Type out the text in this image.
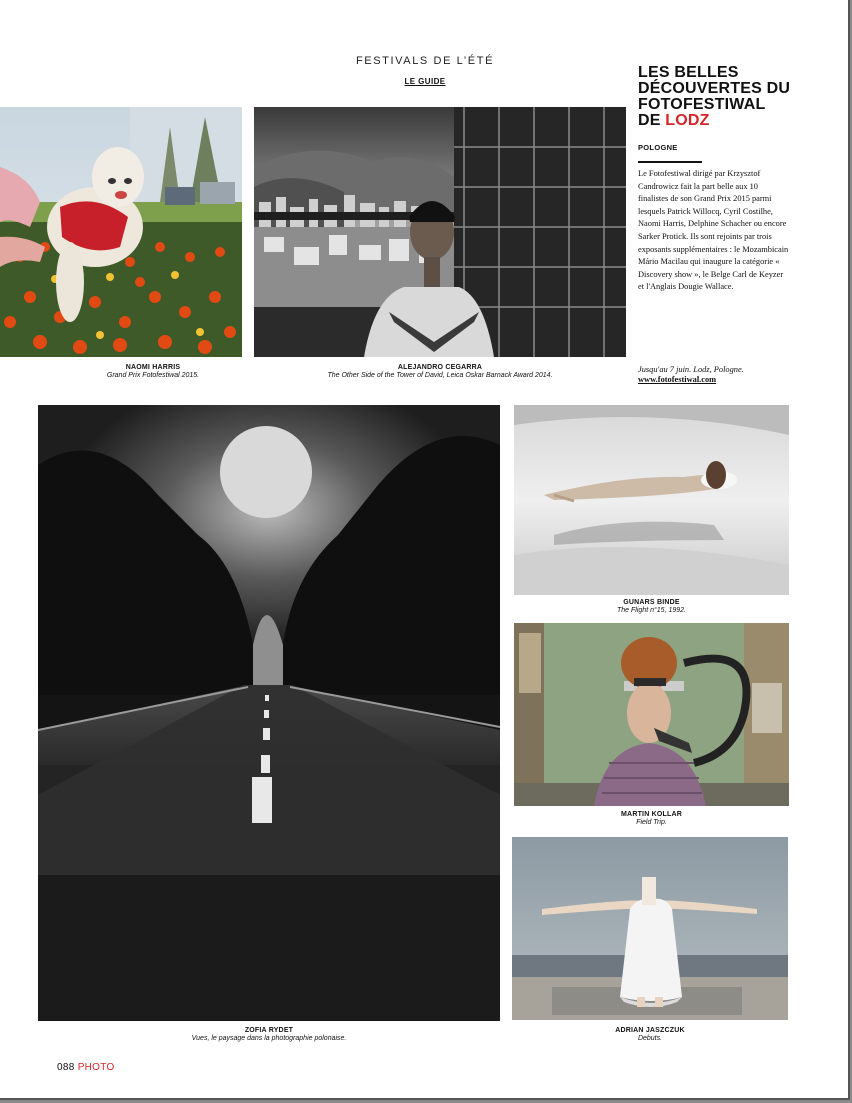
FESTIVALS DE L’ÉTÉ
LE GUIDE
LES BELLES
DÉCOUVERTES DU
FOTOFESTIWAL
DE LODZ
POLOGNE
Le Fotofestiwal dirigé par Krzysztof Candrowicz fait la part belle aux 10 finalistes de son Grand Prix 2015 parmi lesquels Patrick Willocq, Cyril Costilhe, Naomi Harris, Delphine Schacher ou encore Sarker Protick. Ils sont rejoints par trois exposants supplémentaires : le Mozambicain Mário Macilau qui inaugure la catégorie « Discovery show », le Belge Carl de Keyzer et l'Anglais Dougie Wallace.
Jusqu'au 7 juin. Lodz, Pologne.
www.fotofestiwal.com
NAOMI HARRIS
Grand Prix Fotofestiwal 2015.
ALEJANDRO CEGARRA
The Other Side of the Tower of David, Leica Oskar Barnack Award 2014.
ZOFIA RYDET
Vues, le paysage dans la photographie polonaise.
GUNARS BINDE
The Flight n°15, 1992.
MARTIN KOLLAR
Field Trip.
ADRIAN JASZCZUK
Debuts.
088 PHOTO
